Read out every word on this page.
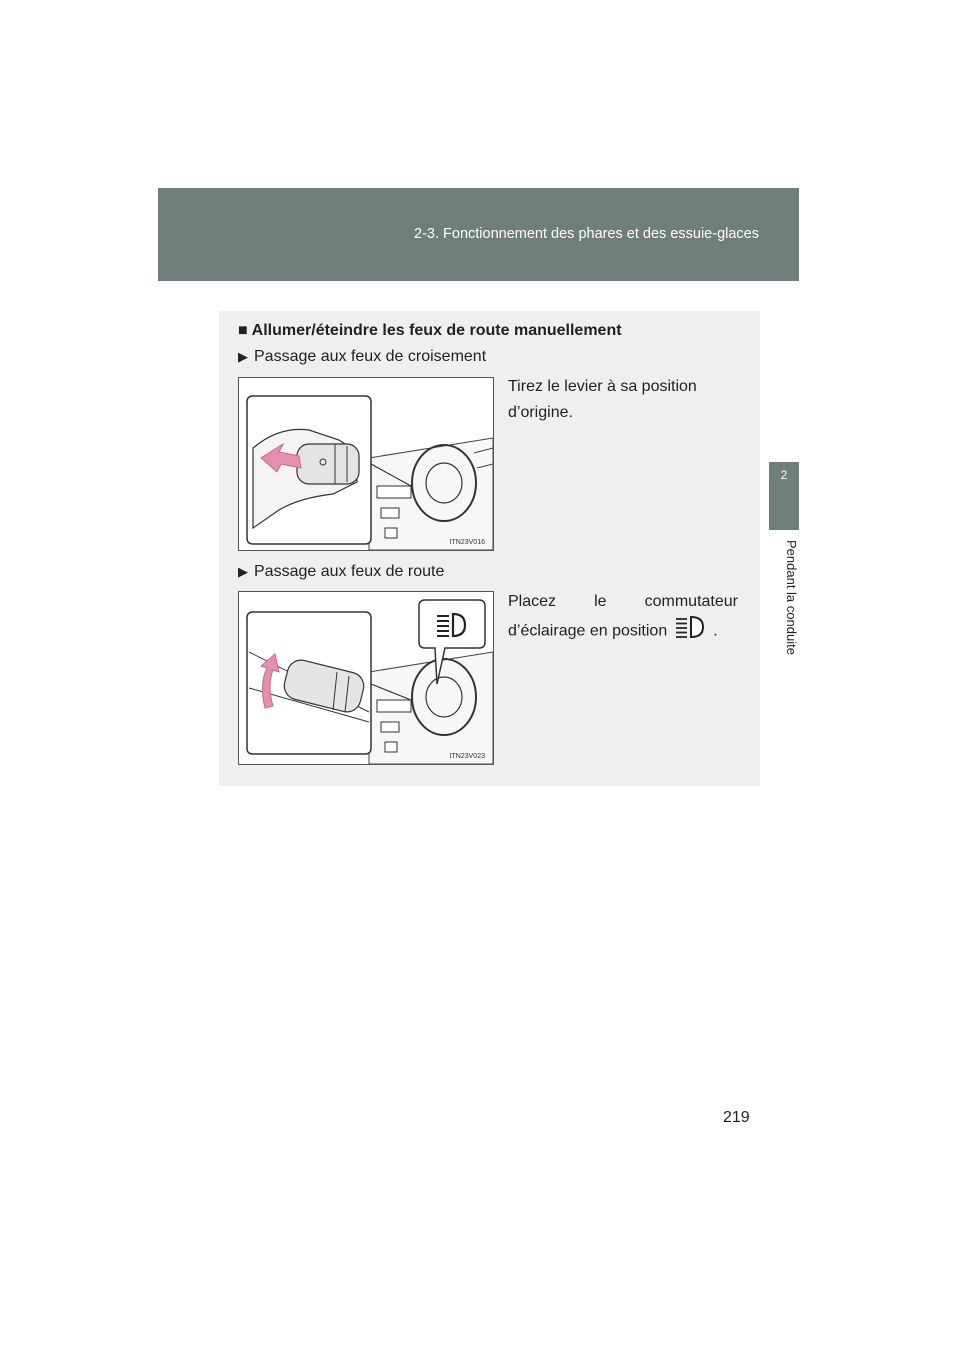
2-3. Fonctionnement des phares et des essuie-glaces
2
Pendant la conduite
■ Allumer/éteindre les feux de route manuellement
▶ Passage aux feux de croisement
ITN23V016
Tirez le levier à sa position
d’origine.
▶ Passage aux feux de route
ITN23V023
Placez le commutateur
d’éclairage en position	.
219
